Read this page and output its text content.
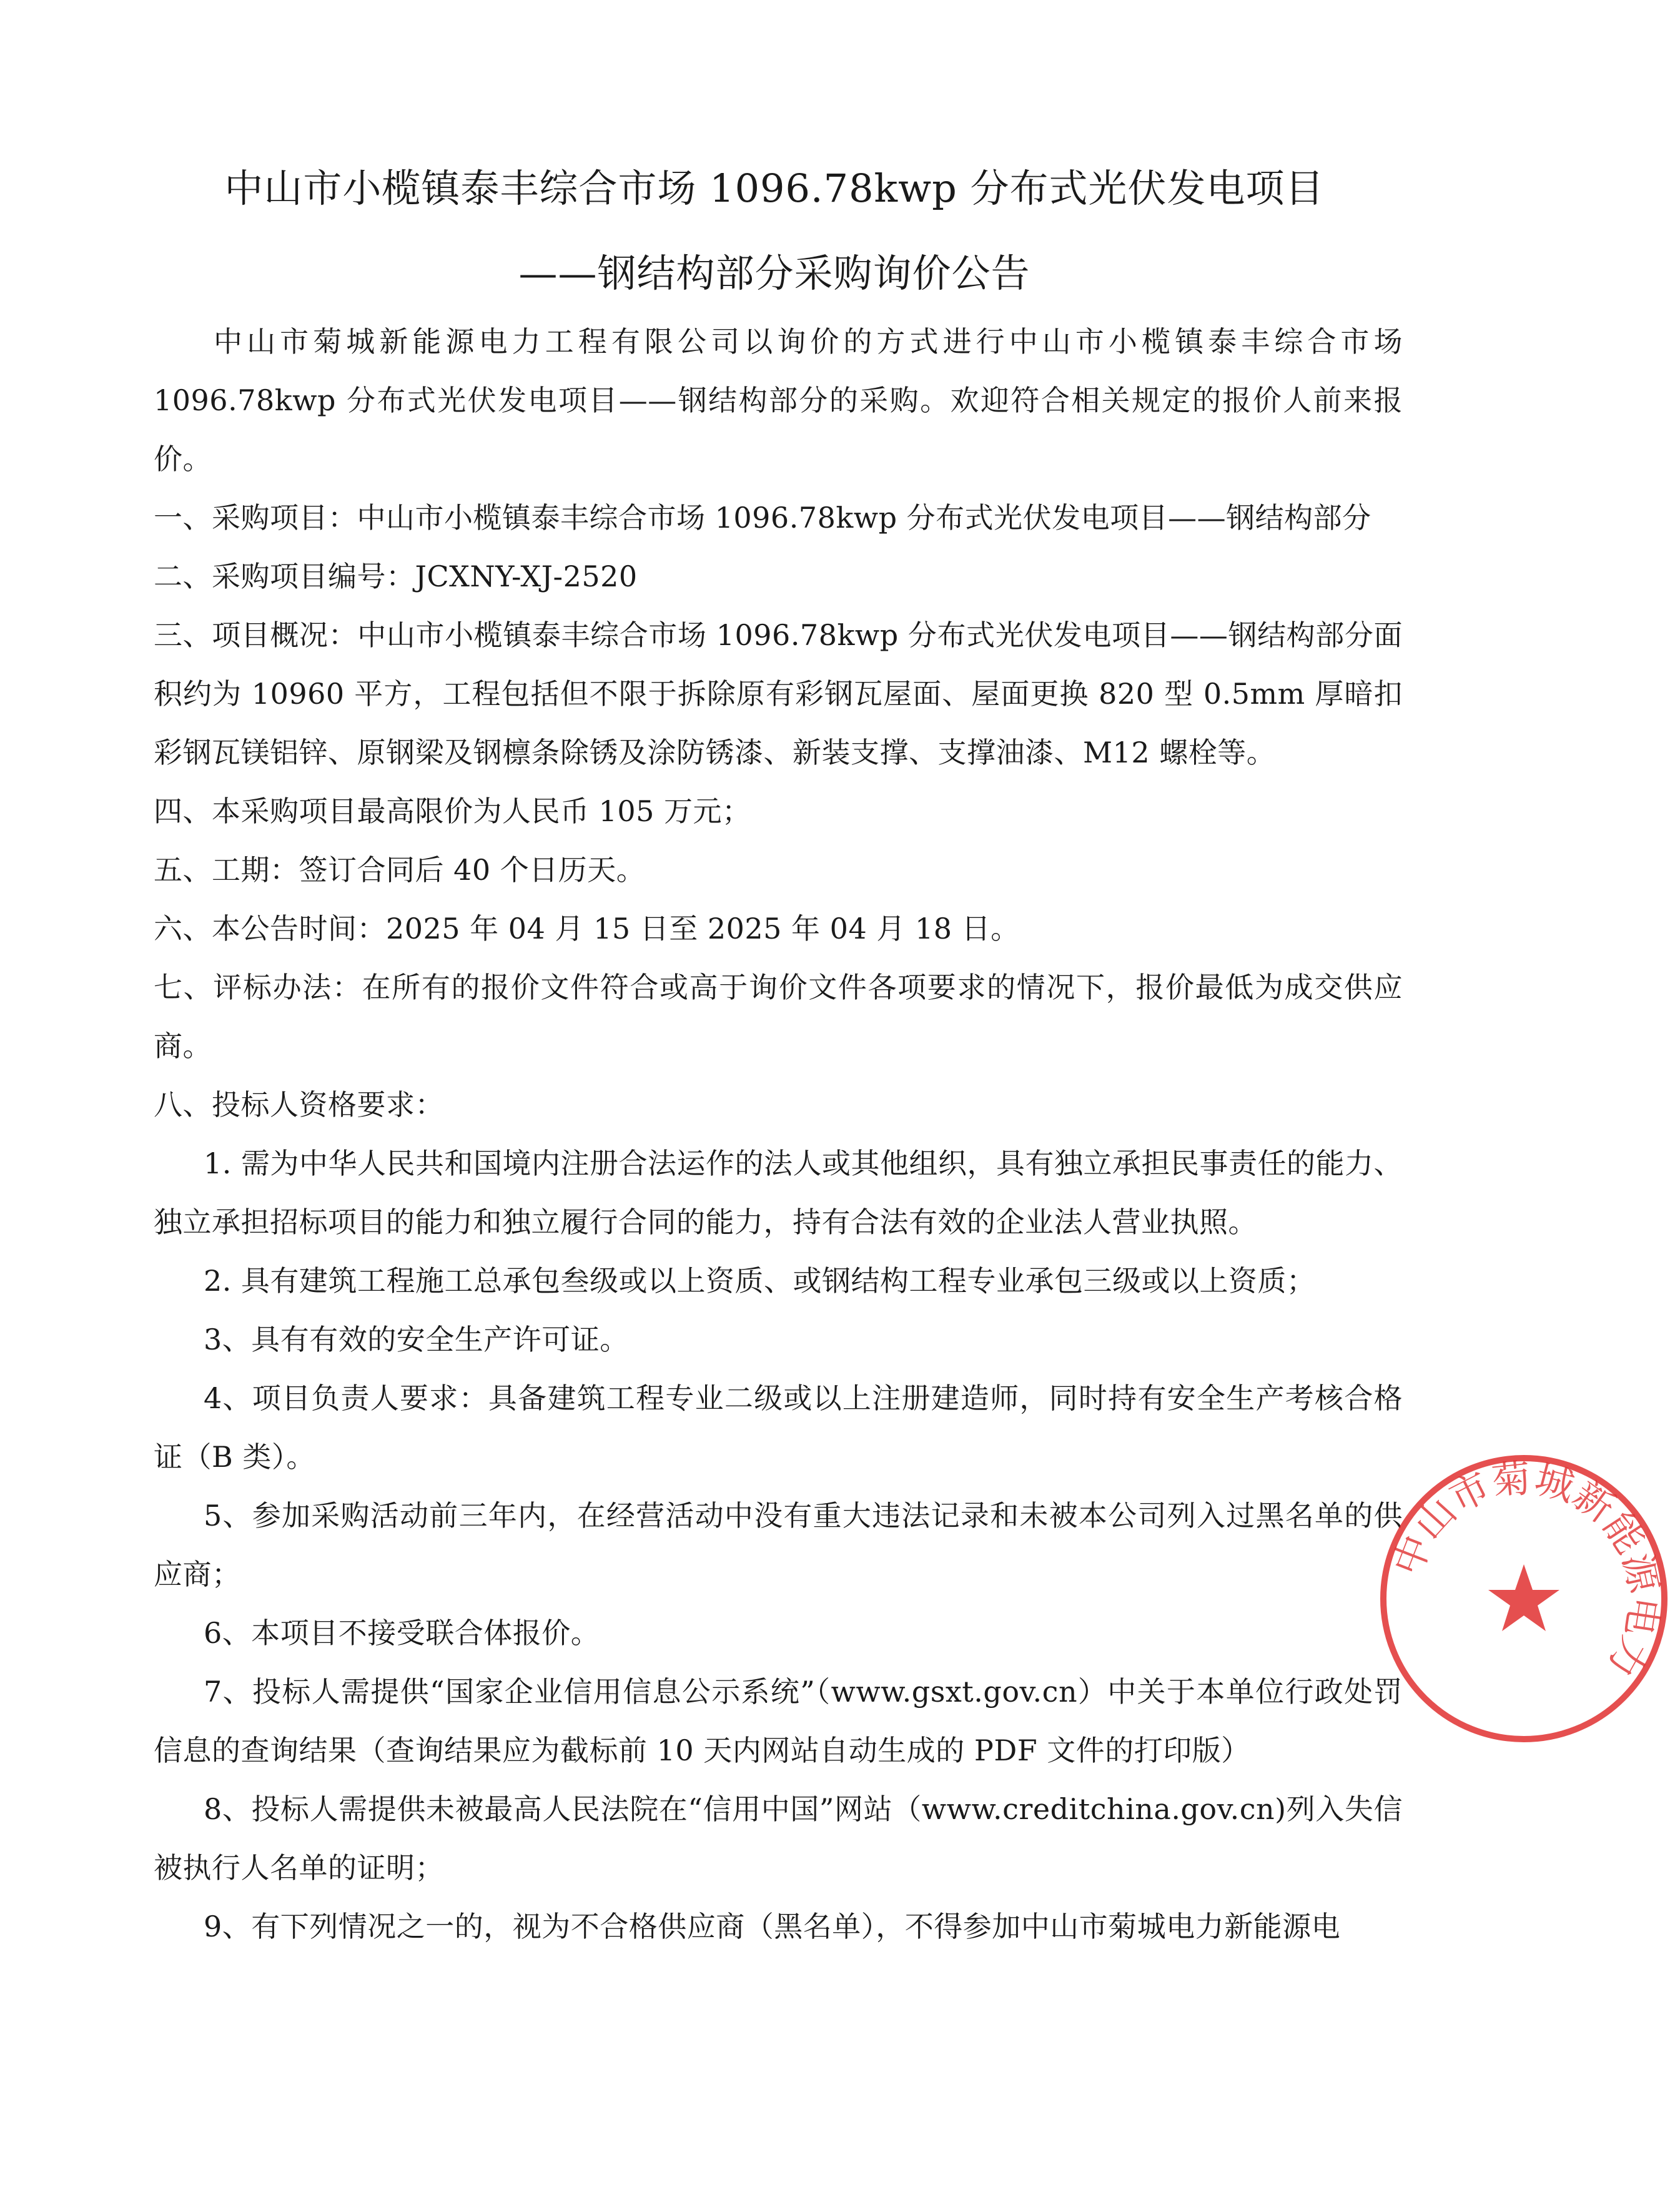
中山市小榄镇泰丰综合市场 1096.78kwp 分布式光伏发电项目
——钢结构部分采购询价公告

中山市菊城新能源电力工程有限公司以询价的方式进行中山市小榄镇泰丰综合市场1096.78kwp 分布式光伏发电项目——钢结构部分的采购。欢迎符合相关规定的报价人前来报价。

一、采购项目：中山市小榄镇泰丰综合市场 1096.78kwp 分布式光伏发电项目——钢结构部分

二、采购项目编号：JCXNY-XJ-2520

三、项目概况：中山市小榄镇泰丰综合市场 1096.78kwp 分布式光伏发电项目——钢结构部分面积约为 10960 平方，工程包括但不限于拆除原有彩钢瓦屋面、屋面更换 820 型 0.5mm 厚暗扣彩钢瓦镁铝锌、原钢梁及钢檩条除锈及涂防锈漆、新装支撑、支撑油漆、M12 螺栓等。

四、本采购项目最高限价为人民币 105 万元；

五、工期：签订合同后 40 个日历天。

六、本公告时间：2025 年 04 月 15 日至 2025 年 04 月 18 日。

七、评标办法：在所有的报价文件符合或高于询价文件各项要求的情况下，报价最低为成交供应商。

八、投标人资格要求：

1. 需为中华人民共和国境内注册合法运作的法人或其他组织，具有独立承担民事责任的能力、独立承担招标项目的能力和独立履行合同的能力，持有合法有效的企业法人营业执照。

2. 具有建筑工程施工总承包叁级或以上资质、或钢结构工程专业承包三级或以上资质；

3、具有有效的安全生产许可证。

4、项目负责人要求：具备建筑工程专业二级或以上注册建造师，同时持有安全生产考核合格证（B 类）。

5、参加采购活动前三年内，在经营活动中没有重大违法记录和未被本公司列入过黑名单的供应商；

6、本项目不接受联合体报价。

7、投标人需提供“国家企业信用信息公示系统”（www.gsxt.gov.cn）中关于本单位行政处罚信息的查询结果（查询结果应为截标前 10 天内网站自动生成的 PDF 文件的打印版）

8、投标人需提供未被最高人民法院在“信用中国”网站（www.creditchina.gov.cn)列入失信被执行人名单的证明；

9、有下列情况之一的，视为不合格供应商（黑名单），不得参加中山市菊城电力新能源电

中山市菊城新能源电力
